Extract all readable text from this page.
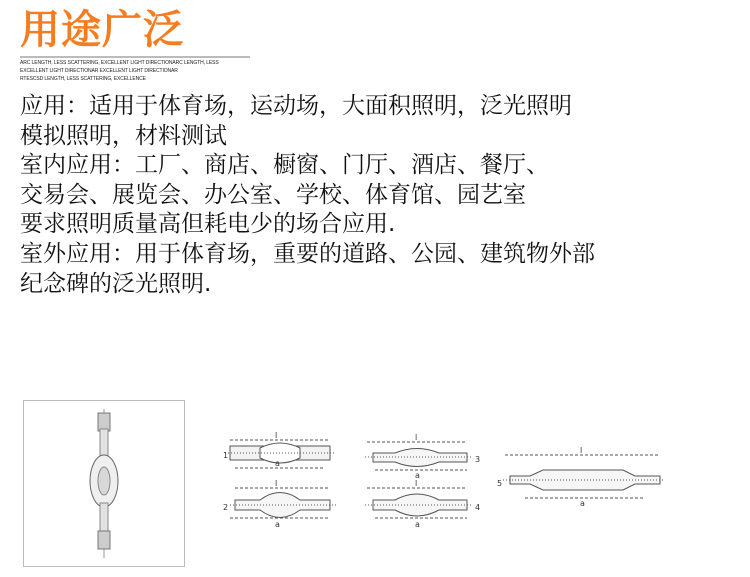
用途广泛
ARC LENGTH, LESS SCATTERING, EXCELLENT LIGHT DIRECTIONARC LENGTH, LESS
EXCELLENT LIGHT DIRECTIONAR EXCELLENT LIGHT DIRECTIONAR
RTESCSD LENGTH, LESS SCATTERING, EXCELLENCE
应用：适用于体育场，运动场，大面积照明，泛光照明
模拟照明，材料测试
室内应用：工厂、商店、橱窗、门厅、酒店、餐厅、
交易会、展览会、办公室、学校、体育馆、园艺室
要求照明质量高但耗电少的场合应用.
室外应用：用于体育场，重要的道路、公园、建筑物外部
纪念碑的泛光照明.
1
l
a
2
l
a
3
l
a
4
l
a
5
l
a
